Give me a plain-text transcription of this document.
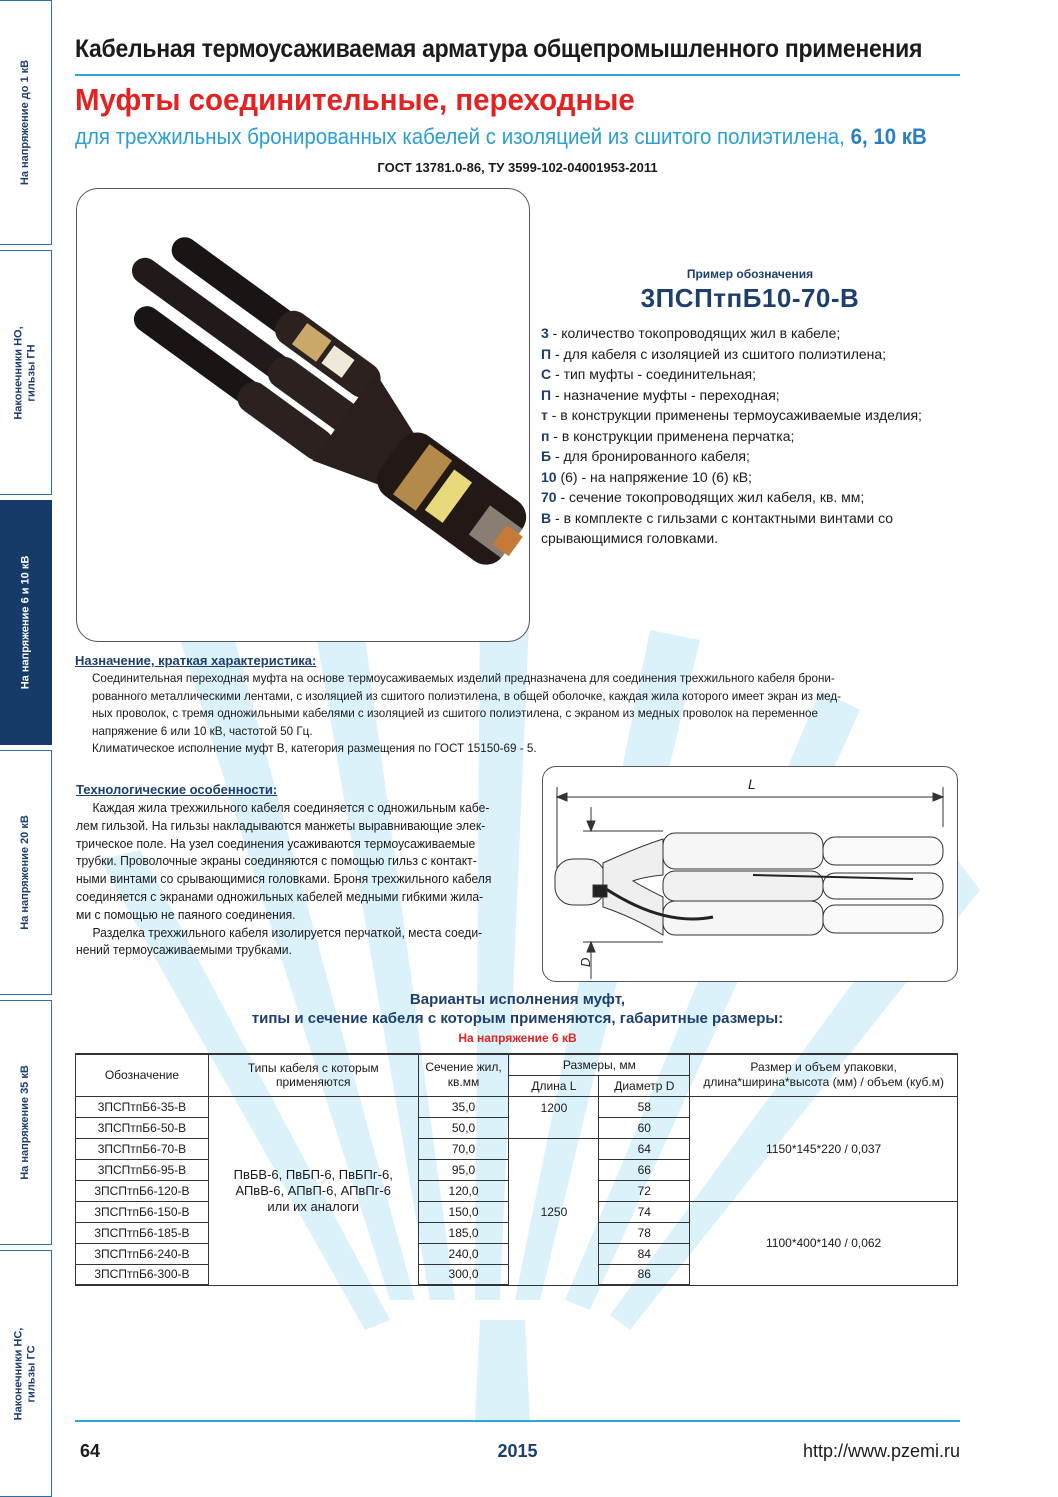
На напряжение до 1 кВ
Наконечники НО,
гильзы ГН
На напряжение 6 и 10 кВ
На напряжение 20 кВ
На напряжение 35 кВ
Наконечники НС,
гильзы ГС
Кабельная термоусаживаемая арматура общепромышленного применения
Муфты соединительные, переходные
для трехжильных бронированных кабелей с изоляцией из сшитого полиэтилена, 6, 10 кВ
ГОСТ 13781.0-86, ТУ 3599-102-04001953-2011
Пример обозначения
3ПСПтпБ10-70-В
3 - количество токопроводящих жил в кабеле;
П - для кабеля с изоляцией из сшитого полиэтилена;
С - тип муфты - соединительная;
П - назначение муфты - переходная;
т - в конструкции применены термоусаживаемые изделия;
п - в конструкции применена перчатка;
Б - для бронированного кабеля;
10 (6) - на напряжение 10 (6) кВ;
70 - сечение токопроводящих жил кабеля, кв. мм;
В - в комплекте с гильзами с контактными винтами со срывающимися головками.
Назначение, краткая характеристика:
Соединительная переходная муфта на основе термоусаживаемых изделий предназначена для соединения трехжильного кабеля брони-
рованного металлическими лентами, с изоляцией из сшитого полиэтилена, в общей оболочке, каждая жила которого имеет экран из мед-
ных проволок, с тремя одножильными кабелями с изоляцией из сшитого полиэтилена, с экраном из медных проволок на переменное
напряжение 6 или 10 кВ, частотой 50 Гц.
Климатическое исполнение муфт В, категория размещения по ГОСТ 15150-69 - 5.
Технологические особенности:
Каждая жила трехжильного кабеля соединяется с одножильным кабе-
лем гильзой. На гильзы накладываются манжеты выравнивающие элек-
трическое поле. На узел соединения усаживаются термоусаживаемые
трубки. Проволочные экраны соединяются с помощью гильз с контакт-
ными винтами со срывающимися головками. Броня трехжильного кабеля
соединяется с экранами одножильных кабелей медными гибкими жила-
ми с помощью не паяного соединения.
Разделка трехжильного кабеля изолируется перчаткой, места соеди-
нений термоусаживаемыми трубками.
L
D
Варианты исполнения муфт,
типы и сечение кабеля с которым применяются, габаритные размеры:
На напряжение 6 кВ
Обозначение	Типы кабеля с которым применяются	Сечение жил,
кв.мм	Размеры, мм		Размер и объем упаковки,
длина*ширина*высота (мм) / объем (куб.м)
			Длина L	Диаметр D	
3ПСПтпБ6-35-В	ПвБВ-6, ПвБП-6, ПвБПг-6,
АПвВ-6, АПвП-6, АПвПг-6
или их аналоги	35,0	1200	58	1150*145*220 / 0,037
3ПСПтпБ6-50-В		50,0		60	
3ПСПтпБ6-70-В		70,0	1250	64	
3ПСПтпБ6-95-В		95,0		66	
3ПСПтпБ6-120-В		120,0		72	
3ПСПтпБ6-150-В		150,0		74	1100*400*140 / 0,062
3ПСПтпБ6-185-В		185,0		78	
3ПСПтпБ6-240-В		240,0		84	
3ПСПтпБ6-300-В		300,0		86	
64	2015	http://www.pzemi.ru
